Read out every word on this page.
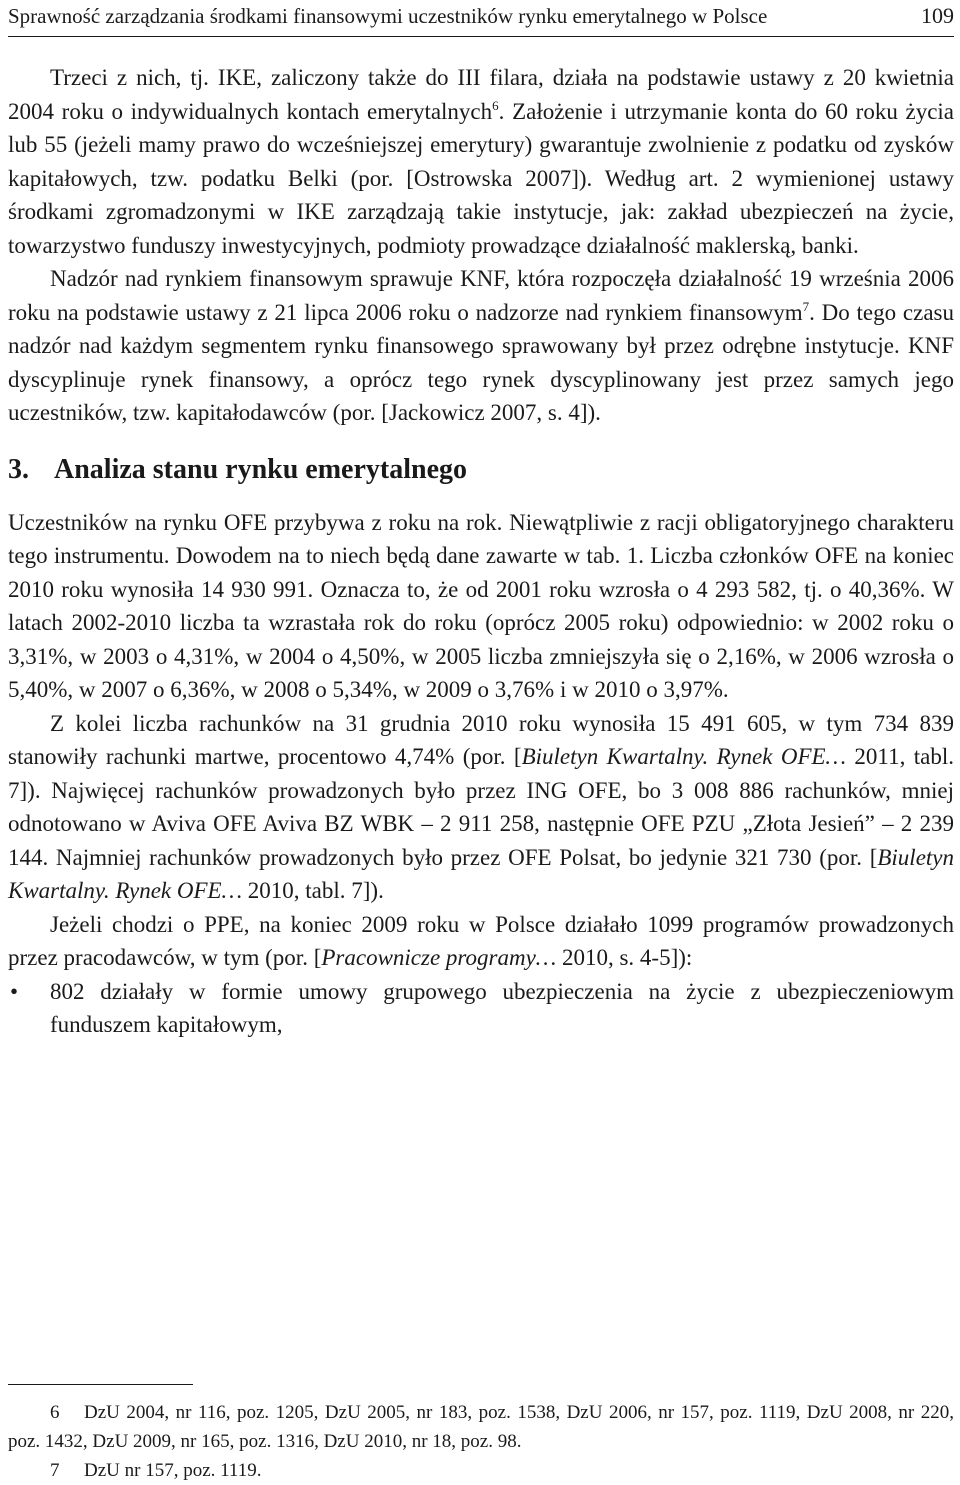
Sprawność zarządzania środkami finansowymi uczestników rynku emerytalnego w Polsce	109

Trzeci z nich, tj. IKE, zaliczony także do III filara, działa na podstawie ustawy z 20 kwietnia 2004 roku o indywidualnych kontach emerytalnych$^6$. Założenie i utrzymanie konta do 60 roku życia lub 55 (jeżeli mamy prawo do wcześniejszej emerytury) gwarantuje zwolnienie z podatku od zysków kapitałowych, tzw. podatku Belki (por. [Ostrowska 2007]). Według art. 2 wymienionej ustawy środkami zgromadzonymi w IKE zarządzają takie instytucje, jak: zakład ubezpieczeń na życie, towarzystwo funduszy inwestycyjnych, podmioty prowadzące działalność maklerską, banki.

Nadzór nad rynkiem finansowym sprawuje KNF, która rozpoczęła działalność 19 września 2006 roku na podstawie ustawy z 21 lipca 2006 roku o nadzorze nad rynkiem finansowym$^7$. Do tego czasu nadzór nad każdym segmentem rynku finansowego sprawowany był przez odrębne instytucje. KNF dyscyplinuje rynek finansowy, a oprócz tego rynek dyscyplinowany jest przez samych jego uczestników, tzw. kapitałodawców (por. [Jackowicz 2007, s. 4]).

3. Analiza stanu rynku emerytalnego

Uczestników na rynku OFE przybywa z roku na rok. Niewątpliwie z racji obligatoryjnego charakteru tego instrumentu. Dowodem na to niech będą dane zawarte w tab. 1. Liczba członków OFE na koniec 2010 roku wynosiła 14 930 991. Oznacza to, że od 2001 roku wzrosła o 4 293 582, tj. o 40,36%. W latach 2002-2010 liczba ta wzrastała rok do roku (oprócz 2005 roku) odpowiednio: w 2002 roku o 3,31%, w 2003 o 4,31%, w 2004 o 4,50%, w 2005 liczba zmniejszyła się o 2,16%, w 2006 wzrosła o 5,40%, w 2007 o 6,36%, w 2008 o 5,34%, w 2009 o 3,76% i w 2010 o 3,97%.

Z kolei liczba rachunków na 31 grudnia 2010 roku wynosiła 15 491 605, w tym 734 839 stanowiły rachunki martwe, procentowo 4,74% (por. [Biuletyn Kwartalny. Rynek OFE… 2011, tabl. 7]). Najwięcej rachunków prowadzonych było przez ING OFE, bo 3 008 886 rachunków, mniej odnotowano w Aviva OFE Aviva BZ WBK – 2 911 258, następnie OFE PZU „Złota Jesień” – 2 239 144. Najmniej rachunków prowadzonych było przez OFE Polsat, bo jedynie 321 730 (por. [Biuletyn Kwartalny. Rynek OFE… 2010, tabl. 7]).

Jeżeli chodzi o PPE, na koniec 2009 roku w Polsce działało 1099 programów prowadzonych przez pracodawców, w tym (por. [Pracownicze programy… 2010, s. 4-5]):

• 802 działały w formie umowy grupowego ubezpieczenia na życie z ubezpieczeniowym funduszem kapitałowym,
6 DzU 2004, nr 116, poz. 1205, DzU 2005, nr 183, poz. 1538, DzU 2006, nr 157, poz. 1119, DzU 2008, nr 220, poz. 1432, DzU 2009, nr 165, poz. 1316, DzU 2010, nr 18, poz. 98.
7 DzU nr 157, poz. 1119.
